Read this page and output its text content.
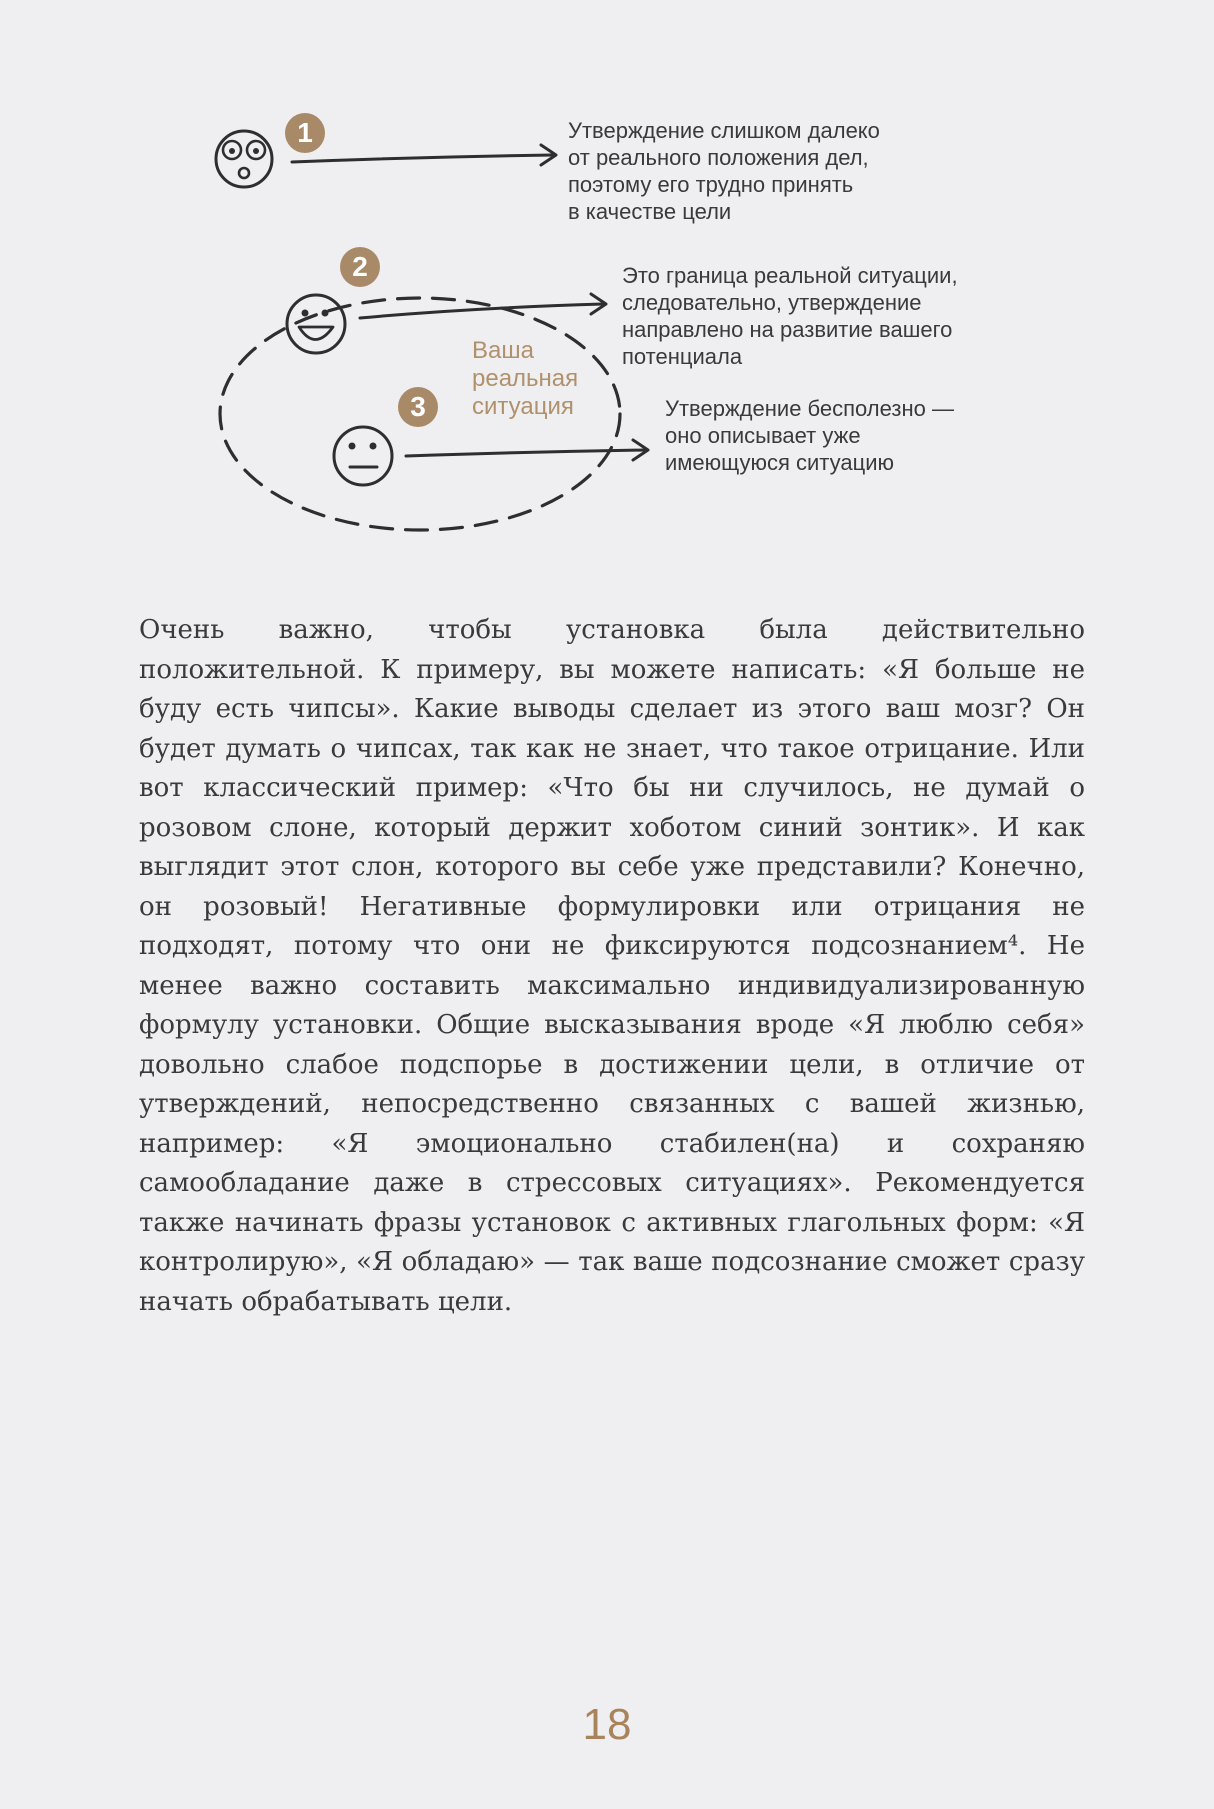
1
2
3
Утверждение слишком далеко
от реального положения дел,
поэтому его трудно принять
в качестве цели
Это граница реальной ситуации,
следовательно, утверждение
направлено на развитие вашего
потенциала
Утверждение бесполезно —
оно описывает уже
имеющуюся ситуацию
Ваша
реальная
ситуация

Очень важно, чтобы установка была действительно положительной. К примеру, вы можете написать: «Я больше не буду есть чипсы». Какие выводы сделает из этого ваш мозг? Он будет думать о чипсах, так как не знает, что такое отрицание. Или вот классический пример: «Что бы ни случилось, не думай о розовом слоне, который держит хоботом синий зонтик». И как выглядит этот слон, которого вы себе уже представили? Конечно, он розовый! Негативные формулировки или отрицания не подходят, потому что они не фиксируются подсознанием⁴. Не менее важно составить максимально индивидуализированную формулу установки. Общие высказывания вроде «Я люблю себя» довольно слабое подспорье в достижении цели, в отличие от утверждений, непосредственно связанных с вашей жизнью, например: «Я эмоционально стабилен(на) и сохраняю самообладание даже в стрессовых ситуациях». Рекомендуется также начинать фразы установок с активных глагольных форм: «Я контролирую», «Я обладаю» — так ваше подсознание сможет сразу начать обрабатывать цели.

18
